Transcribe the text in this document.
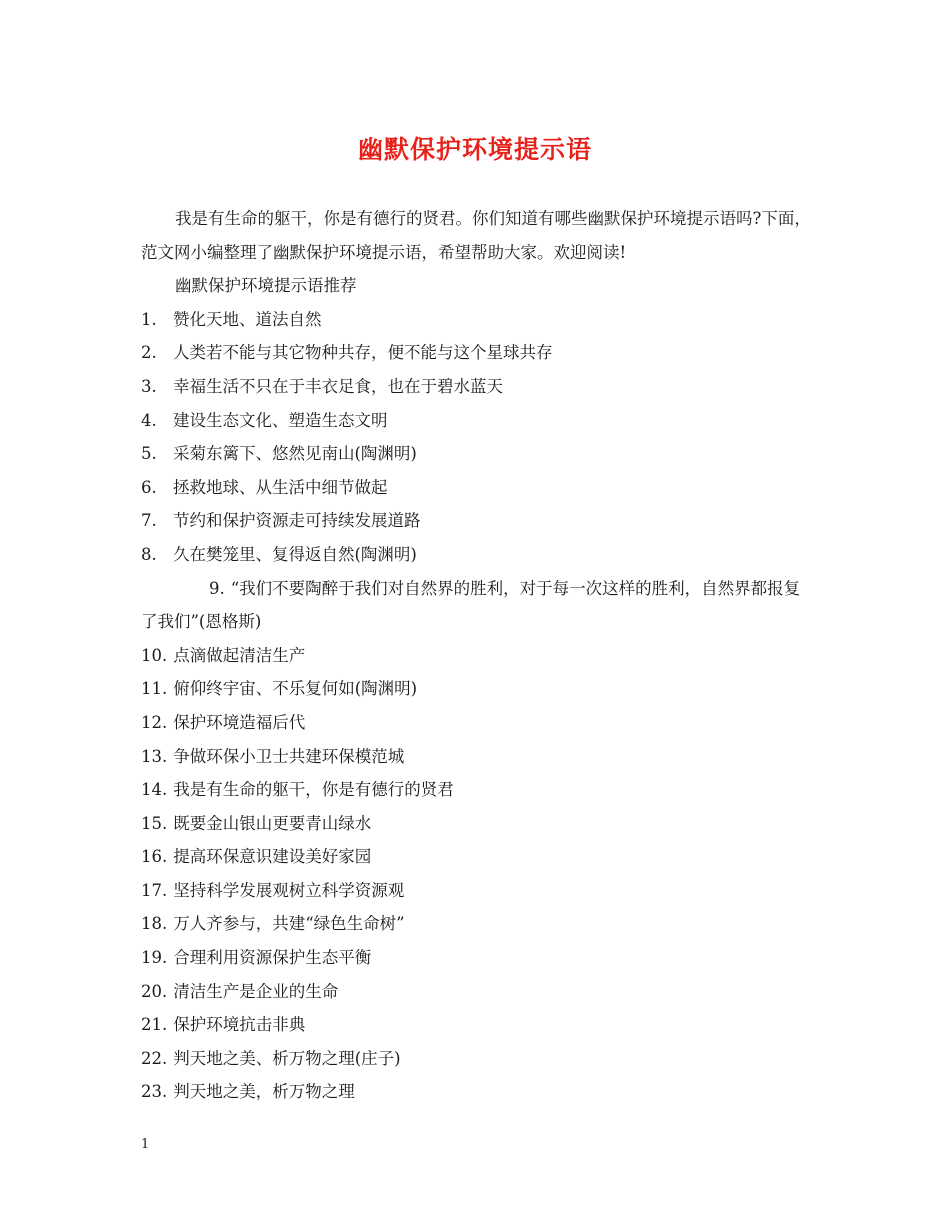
幽默保护环境提示语

我是有生命的躯干，你是有德行的贤君。你们知道有哪些幽默保护环境提示语吗?下面，范文网小编整理了幽默保护环境提示语，希望帮助大家。欢迎阅读!

幽默保护环境提示语推荐

1. 赞化天地、道法自然

2. 人类若不能与其它物种共存，便不能与这个星球共存

3. 幸福生活不只在于丰衣足食，也在于碧水蓝天

4. 建设生态文化、塑造生态文明

5. 采菊东篱下、悠然见南山(陶渊明)

6. 拯救地球、从生活中细节做起

7. 节约和保护资源走可持续发展道路

8. 久在樊笼里、复得返自然(陶渊明)

9. “我们不要陶醉于我们对自然界的胜利，对于每一次这样的胜利，自然界都报复了我们”(恩格斯)

10. 点滴做起清洁生产

11. 俯仰终宇宙、不乐复何如(陶渊明)

12. 保护环境造福后代

13. 争做环保小卫士共建环保模范城

14. 我是有生命的躯干，你是有德行的贤君

15. 既要金山银山更要青山绿水

16. 提高环保意识建设美好家园

17. 坚持科学发展观树立科学资源观

18. 万人齐参与，共建“绿色生命树”

19. 合理利用资源保护生态平衡

20. 清洁生产是企业的生命

21. 保护环境抗击非典

22. 判天地之美、析万物之理(庄子)

23. 判天地之美，析万物之理

1
